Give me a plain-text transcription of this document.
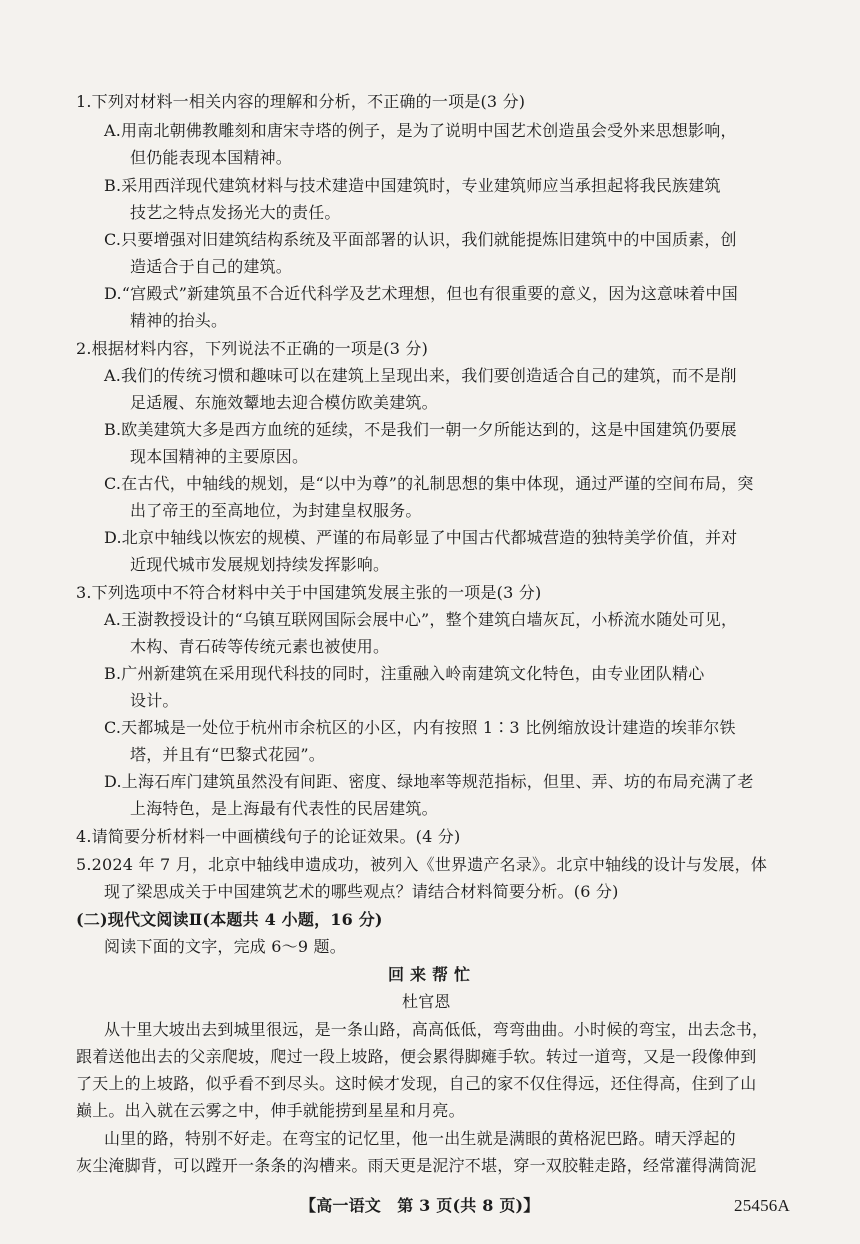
1.下列对材料一相关内容的理解和分析，不正确的一项是(3 分)
A.用南北朝佛教雕刻和唐宋寺塔的例子，是为了说明中国艺术创造虽会受外来思想影响，
但仍能表现本国精神。
B.采用西洋现代建筑材料与技术建造中国建筑时，专业建筑师应当承担起将我民族建筑
技艺之特点发扬光大的责任。
C.只要增强对旧建筑结构系统及平面部署的认识，我们就能提炼旧建筑中的中国质素，创
造适合于自己的建筑。
D.“宫殿式”新建筑虽不合近代科学及艺术理想，但也有很重要的意义，因为这意味着中国
精神的抬头。
2.根据材料内容，下列说法不正确的一项是(3 分)
A.我们的传统习惯和趣味可以在建筑上呈现出来，我们要创造适合自己的建筑，而不是削
足适履、东施效颦地去迎合模仿欧美建筑。
B.欧美建筑大多是西方血统的延续，不是我们一朝一夕所能达到的，这是中国建筑仍要展
现本国精神的主要原因。
C.在古代，中轴线的规划，是“以中为尊”的礼制思想的集中体现，通过严谨的空间布局，突
出了帝王的至高地位，为封建皇权服务。
D.北京中轴线以恢宏的规模、严谨的布局彰显了中国古代都城营造的独特美学价值，并对
近现代城市发展规划持续发挥影响。
3.下列选项中不符合材料中关于中国建筑发展主张的一项是(3 分)
A.王澍教授设计的“乌镇互联网国际会展中心”，整个建筑白墙灰瓦，小桥流水随处可见，
木构、青石砖等传统元素也被使用。
B.广州新建筑在采用现代科技的同时，注重融入岭南建筑文化特色，由专业团队精心
设计。
C.天都城是一处位于杭州市余杭区的小区，内有按照 1∶3 比例缩放设计建造的埃菲尔铁
塔，并且有“巴黎式花园”。
D.上海石库门建筑虽然没有间距、密度、绿地率等规范指标，但里、弄、坊的布局充满了老
上海特色，是上海最有代表性的民居建筑。
4.请简要分析材料一中画横线句子的论证效果。(4 分)
5.2024 年 7 月，北京中轴线申遗成功，被列入《世界遗产名录》。北京中轴线的设计与发展，体
现了梁思成关于中国建筑艺术的哪些观点？请结合材料简要分析。(6 分)
(二)现代文阅读Ⅱ(本题共 4 小题，16 分)
阅读下面的文字，完成 6～9 题。
回来帮忙
杜官恩
从十里大坡出去到城里很远，是一条山路，高高低低，弯弯曲曲。小时候的弯宝，出去念书，
跟着送他出去的父亲爬坡，爬过一段上坡路，便会累得脚瘫手软。转过一道弯，又是一段像伸到
了天上的上坡路，似乎看不到尽头。这时候才发现，自己的家不仅住得远，还住得高，住到了山
巅上。出入就在云雾之中，伸手就能捞到星星和月亮。
山里的路，特别不好走。在弯宝的记忆里，他一出生就是满眼的黄格泥巴路。晴天浮起的
灰尘淹脚背，可以蹚开一条条的沟槽来。雨天更是泥泞不堪，穿一双胶鞋走路，经常灌得满筒泥
【高一语文　第 3 页(共 8 页)】	25456A
